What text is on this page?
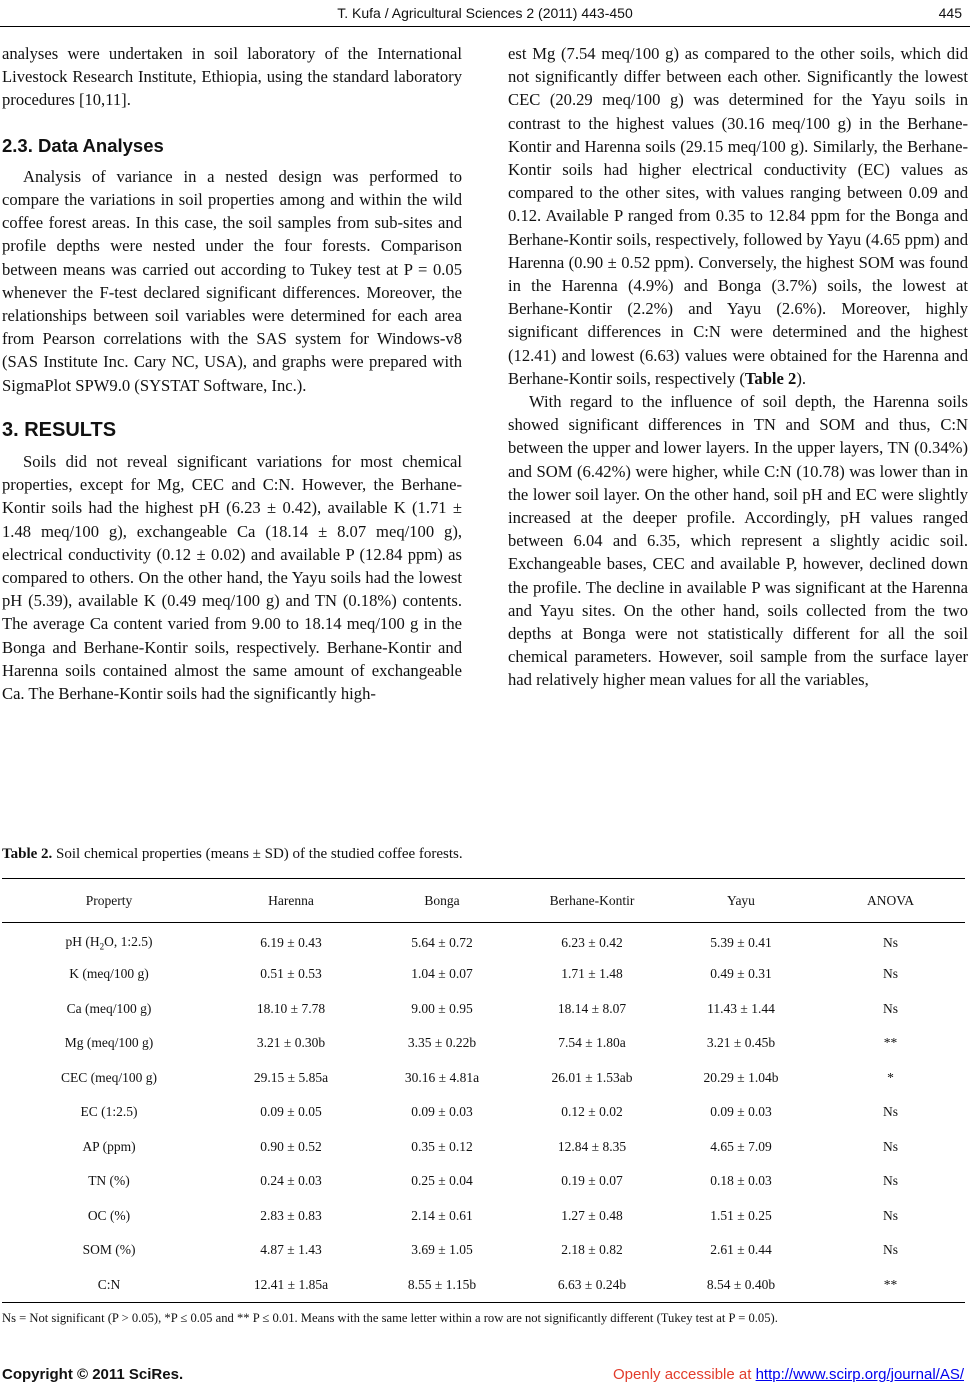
T. Kufa / Agricultural Sciences 2 (2011) 443-450	445

analyses were undertaken in soil laboratory of the International Livestock Research Institute, Ethiopia, using the standard laboratory procedures [10,11].

2.3. Data Analyses

Analysis of variance in a nested design was performed to compare the variations in soil properties among and within the wild coffee forest areas. In this case, the soil samples from sub-sites and profile depths were nested under the four forests. Comparison between means was carried out according to Tukey test at P = 0.05 whenever the F-test declared significant differences. Moreover, the relationships between soil variables were determined for each area from Pearson correlations with the SAS system for Windows-v8 (SAS Institute Inc. Cary NC, USA), and graphs were prepared with SigmaPlot SPW9.0 (SYSTAT Software, Inc.).

3. RESULTS

Soils did not reveal significant variations for most chemical properties, except for Mg, CEC and C:N. However, the Berhane-Kontir soils had the highest pH (6.23 ± 0.42), available K (1.71 ± 1.48 meq/100 g), exchangeable Ca (18.14 ± 8.07 meq/100 g), electrical conductivity (0.12 ± 0.02) and available P (12.84 ppm) as compared to others. On the other hand, the Yayu soils had the lowest pH (5.39), available K (0.49 meq/100 g) and TN (0.18%) contents. The average Ca content varied from 9.00 to 18.14 meq/100 g in the Bonga and Berhane-Kontir soils, respectively. Berhane-Kontir and Harenna soils contained almost the same amount of exchangeable Ca. The Berhane-Kontir soils had the significantly high-

est Mg (7.54 meq/100 g) as compared to the other soils, which did not significantly differ between each other. Significantly the lowest CEC (20.29 meq/100 g) was determined for the Yayu soils in contrast to the highest values (30.16 meq/100 g) in the Berhane-Kontir and Harenna soils (29.15 meq/100 g). Similarly, the Berhane-Kontir soils had higher electrical conductivity (EC) values as compared to the other sites, with values ranging between 0.09 and 0.12. Available P ranged from 0.35 to 12.84 ppm for the Bonga and Berhane-Kontir soils, respectively, followed by Yayu (4.65 ppm) and Harenna (0.90 ± 0.52 ppm). Conversely, the highest SOM was found in the Harenna (4.9%) and Bonga (3.7%) soils, the lowest at Berhane-Kontir (2.2%) and Yayu (2.6%). Moreover, highly significant differences in C:N were determined and the highest (12.41) and lowest (6.63) values were obtained for the Harenna and Berhane-Kontir soils, respectively (Table 2).

With regard to the influence of soil depth, the Harenna soils showed significant differences in TN and SOM and thus, C:N between the upper and lower layers. In the upper layers, TN (0.34%) and SOM (6.42%) were higher, while C:N (10.78) was lower than in the lower soil layer. On the other hand, soil pH and EC were slightly increased at the deeper profile. Accordingly, pH values ranged between 6.04 and 6.35, which represent a slightly acidic soil. Exchangeable bases, CEC and available P, however, declined down the profile. The decline in available P was significant at the Harenna and Yayu sites. On the other hand, soils collected from the two depths at Bonga were not statistically different for all the soil chemical parameters. However, soil sample from the surface layer had relatively higher mean values for all the variables,

Table 2. Soil chemical properties (means ± SD) of the studied coffee forests.
Property	Harenna	Bonga	Berhane-Kontir	Yayu	ANOVA
pH ($H_2O$, 1:2.5)	6.19 ± 0.43	5.64 ± 0.72	6.23 ± 0.42	5.39 ± 0.41	Ns
K (meq/100 g)	0.51 ± 0.53	1.04 ± 0.07	1.71 ± 1.48	0.49 ± 0.31	Ns
Ca (meq/100 g)	18.10 ± 7.78	9.00 ± 0.95	18.14 ± 8.07	11.43 ± 1.44	Ns
Mg (meq/100 g)	3.21 ± 0.30b	3.35 ± 0.22b	7.54 ± 1.80a	3.21 ± 0.45b	**
CEC (meq/100 g)	29.15 ± 5.85a	30.16 ± 4.81a	26.01 ± 1.53ab	20.29 ± 1.04b	*
EC (1:2.5)	0.09 ± 0.05	0.09 ± 0.03	0.12 ± 0.02	0.09 ± 0.03	Ns
AP (ppm)	0.90 ± 0.52	0.35 ± 0.12	12.84 ± 8.35	4.65 ± 7.09	Ns
TN (%)	0.24 ± 0.03	0.25 ± 0.04	0.19 ± 0.07	0.18 ± 0.03	Ns
OC (%)	2.83 ± 0.83	2.14 ± 0.61	1.27 ± 0.48	1.51 ± 0.25	Ns
SOM (%)	4.87 ± 1.43	3.69 ± 1.05	2.18 ± 0.82	2.61 ± 0.44	Ns
C:N	12.41 ± 1.85a	8.55 ± 1.15b	6.63 ± 0.24b	8.54 ± 0.40b	**
Ns = Not significant (P > 0.05), *P ≤ 0.05 and ** P ≤ 0.01. Means with the same letter within a row are not significantly different (Tukey test at P = 0.05).
Copyright © 2011 SciRes.	Openly accessible at http://www.scirp.org/journal/AS/
